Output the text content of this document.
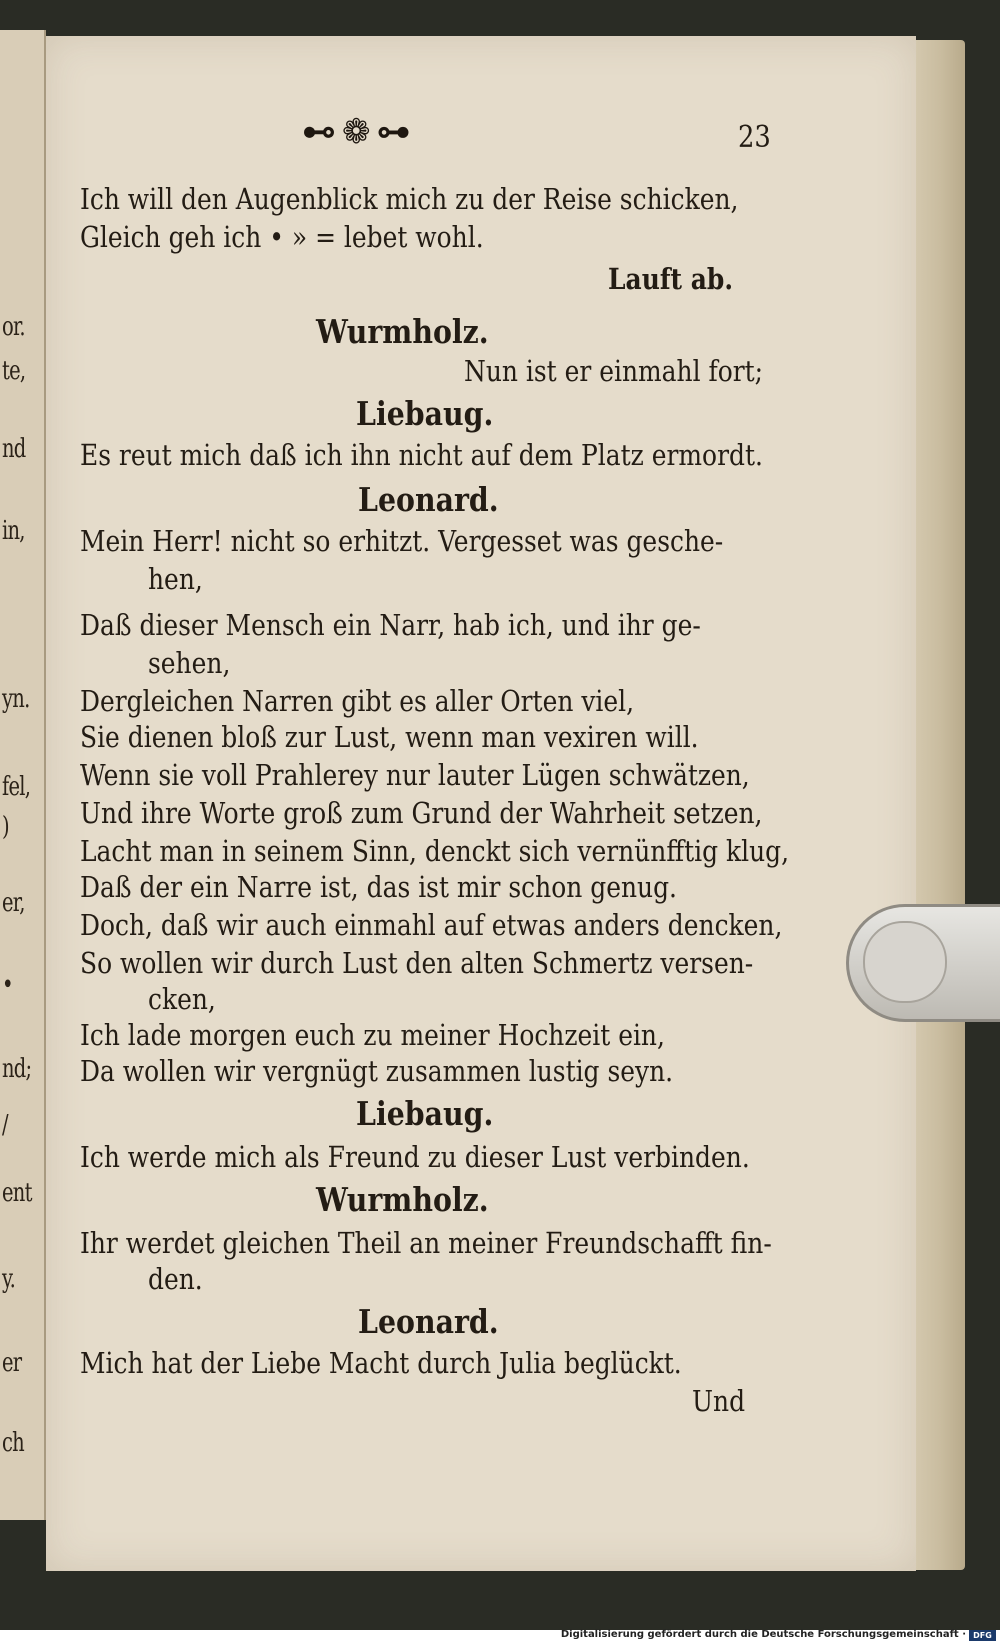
or.
te,
nd
in,
yn.
fel,
)
er,
•
nd;
/
ent
y.
er
ch
⊷❁⊶	23
Ich will den Augenblick mich zu der Reise schicken,
Gleich geh ich • » = lebet wohl.
Lauft ab.
Wurmholz.
Nun ist er einmahl fort;
Liebaug.
Es reut mich daß ich ihn nicht auf dem Platz ermordt.
Leonard.
Mein Herr! nicht so erhitzt. Vergesset was gesche-
hen,
Daß dieser Mensch ein Narr, hab ich, und ihr ge-
sehen,
Dergleichen Narren gibt es aller Orten viel,
Sie dienen bloß zur Lust, wenn man vexiren will.
Wenn sie voll Prahlerey nur lauter Lügen schwätzen,
Und ihre Worte groß zum Grund der Wahrheit setzen,
Lacht man in seinem Sinn, denckt sich vernünfftig klug,
Daß der ein Narre ist, das ist mir schon genug.
Doch, daß wir auch einmahl auf etwas anders dencken,
So wollen wir durch Lust den alten Schmertz versen-
cken,
Ich lade morgen euch zu meiner Hochzeit ein,
Da wollen wir vergnügt zusammen lustig seyn.
Liebaug.
Ich werde mich als Freund zu dieser Lust verbinden.
Wurmholz.
Ihr werdet gleichen Theil an meiner Freundschafft fin-
den.
Leonard.
Mich hat der Liebe Macht durch Julia beglückt.
Und
Digitalisierung gefördert durch die Deutsche Forschungsgemeinschaft · DFG
